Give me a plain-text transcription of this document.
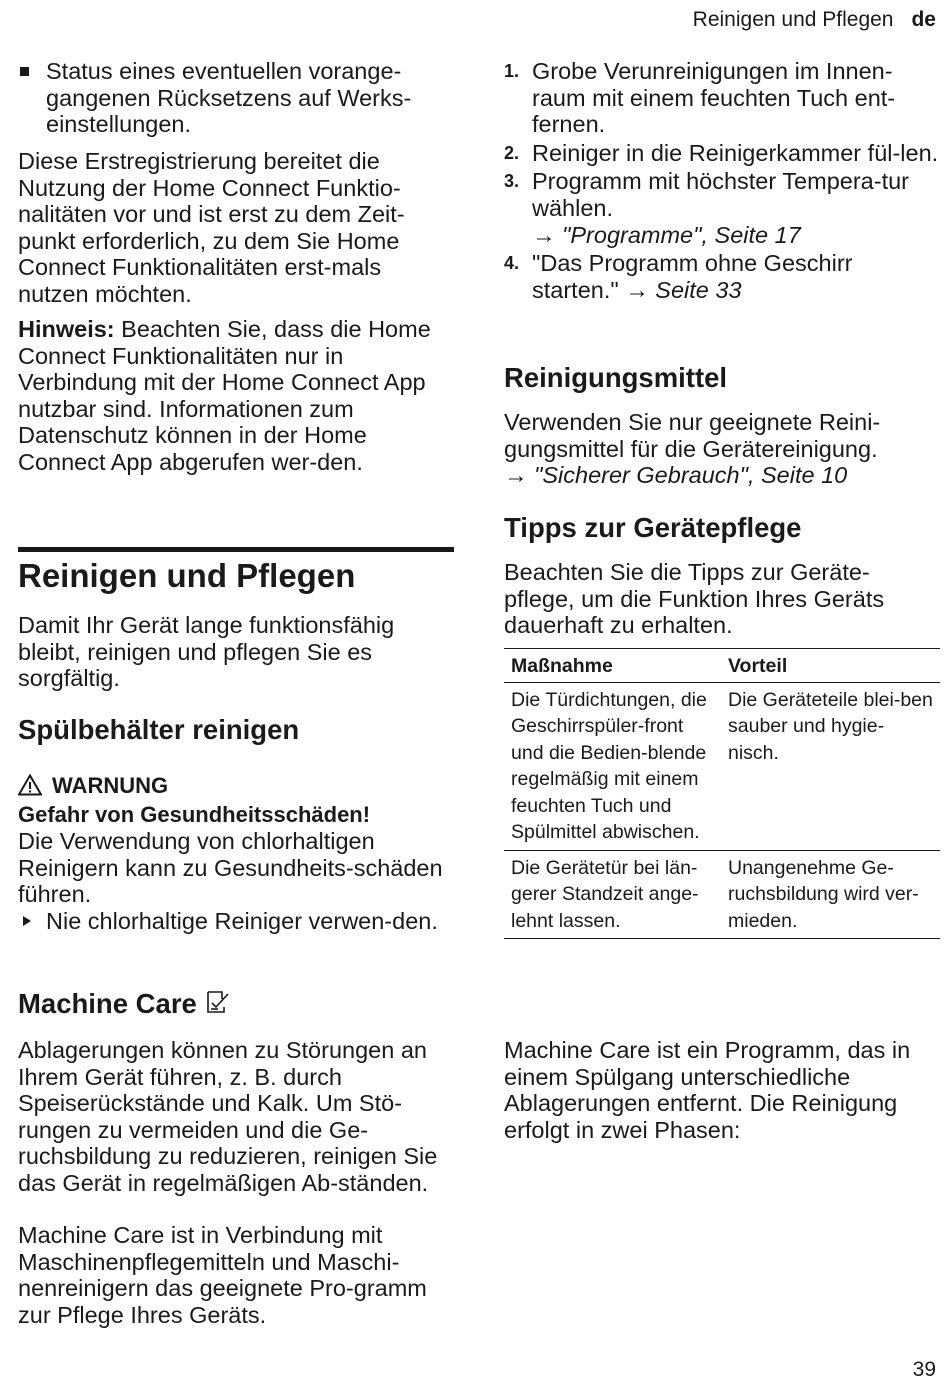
Reinigen und Pflegen de
Status eines eventuellen vorange-gangenen Rücksetzens auf Werks-einstellungen.

Diese Erstregistrierung bereitet die Nutzung der Home Connect Funktio-nalitäten vor und ist erst zu dem Zeit-punkt erforderlich, zu dem Sie Home Connect Funktionalitäten erst-mals nutzen möchten.

Hinweis: Beachten Sie, dass die Home Connect Funktionalitäten nur in Verbindung mit der Home Connect App nutzbar sind. Informationen zum Datenschutz können in der Home Connect App abgerufen wer-den.

Reinigen und Pflegen

Damit Ihr Gerät lange funktionsfähig bleibt, reinigen und pflegen Sie es sorgfältig.

Spülbehälter reinigen
WARNUNG
Gefahr von Gesundheitsschäden!

Die Verwendung von chlorhaltigen Reinigern kann zu Gesundheits-schäden führen.

Nie chlorhaltige Reiniger verwen-den.
Machine Care

Ablagerungen können zu Störungen an Ihrem Gerät führen, z. B. durch Speiserückstände und Kalk. Um Stö-rungen zu vermeiden und die Ge-ruchsbildung zu reduzieren, reinigen Sie das Gerät in regelmäßigen Ab-ständen.

Machine Care ist in Verbindung mit Maschinenpflegemitteln und Maschi-nenreinigern das geeignete Pro-gramm zur Pflege Ihres Geräts.

1. Grobe Verunreinigungen im Innen-raum mit einem feuchten Tuch ent-fernen.
2. Reiniger in die Reinigerkammer fül-len.
3. Programm mit höchster Tempera-tur wählen.
→ "Programme", Seite 17
4. "Das Programm ohne Geschirr starten." → Seite 33
Reinigungsmittel
Verwenden Sie nur geeignete Reini-gungsmittel für die Gerätereinigung.
→ "Sicherer Gebrauch", Seite 10
Tipps zur Gerätepflege

Beachten Sie die Tipps zur Geräte-pflege, um die Funktion Ihres Geräts dauerhaft zu erhalten.

Maßnahme	Vorteil
Die Türdichtungen, die Geschirrspüler-front und die Bedien-blende regelmäßig mit einem feuchten Tuch und Spülmittel abwischen.	Die Geräteteile blei-ben sauber und hygie-nisch.
Die Gerätetür bei län-gerer Standzeit ange-lehnt lassen.	Unangenehme Ge-ruchsbildung wird ver-mieden.

Machine Care ist ein Programm, das in einem Spülgang unterschiedliche Ablagerungen entfernt. Die Reinigung erfolgt in zwei Phasen:

39
